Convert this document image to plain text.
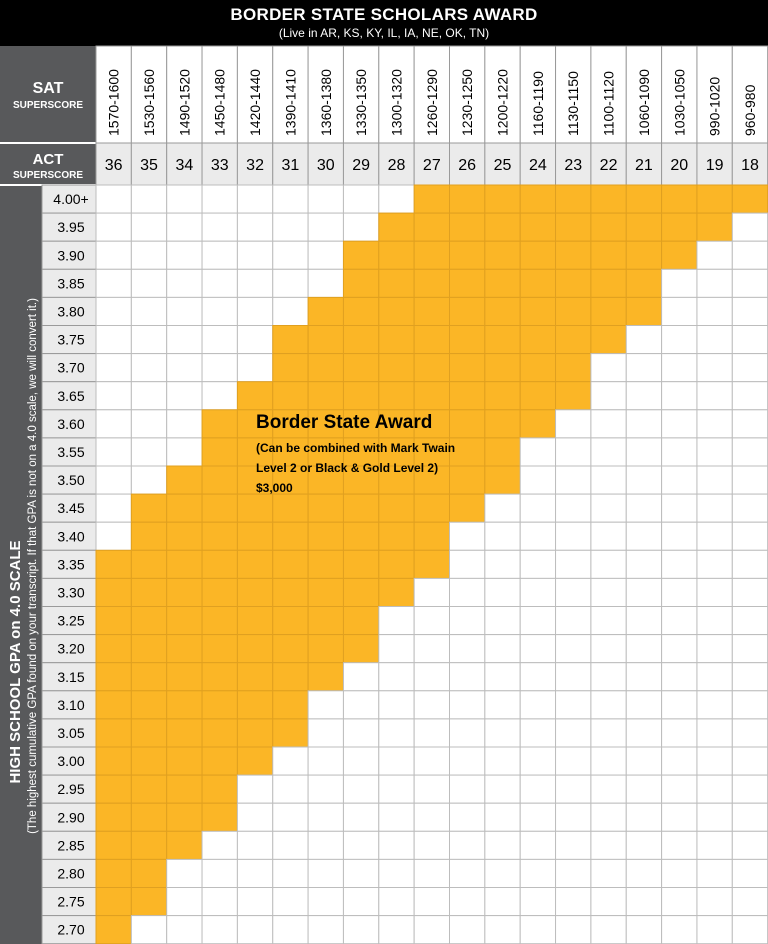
BORDER STATE SCHOLARS AWARD
(Live in AR, KS, KY, IL, IA, NE, OK, TN)
SAT
SUPERSCORE
ACT
SUPERSCORE
HIGH SCHOOL GPA on 4.0 SCALE (The highest cumulative GPA found on your transcript. If that GPA is not on a 4.0 scale, we will convert it.)
1570-1600 1530-1560 1490-1520 1450-1480 1420-1440 1390-1410 1360-1380 1330-1350 1300-1320 1260-1290 1230-1250 1200-1220 1160-1190 1130-1150 1100-1120 1060-1090 1030-1050 990-1020 960-980
36 35 34 33 32 31 30 29 28 27 26 25 24 23 22 21 20 19 18
4.00+
3.95
3.90
3.85
3.80
3.75
3.70
3.65
3.60
3.55
3.50
3.45
3.40
3.35
3.30
3.25
3.20
3.15
3.10
3.05
3.00
2.95
2.90
2.85
2.80
2.75
2.70
Border State Award
(Can be combined with Mark Twain
Level 2 or Black & Gold Level 2)
$3,000
